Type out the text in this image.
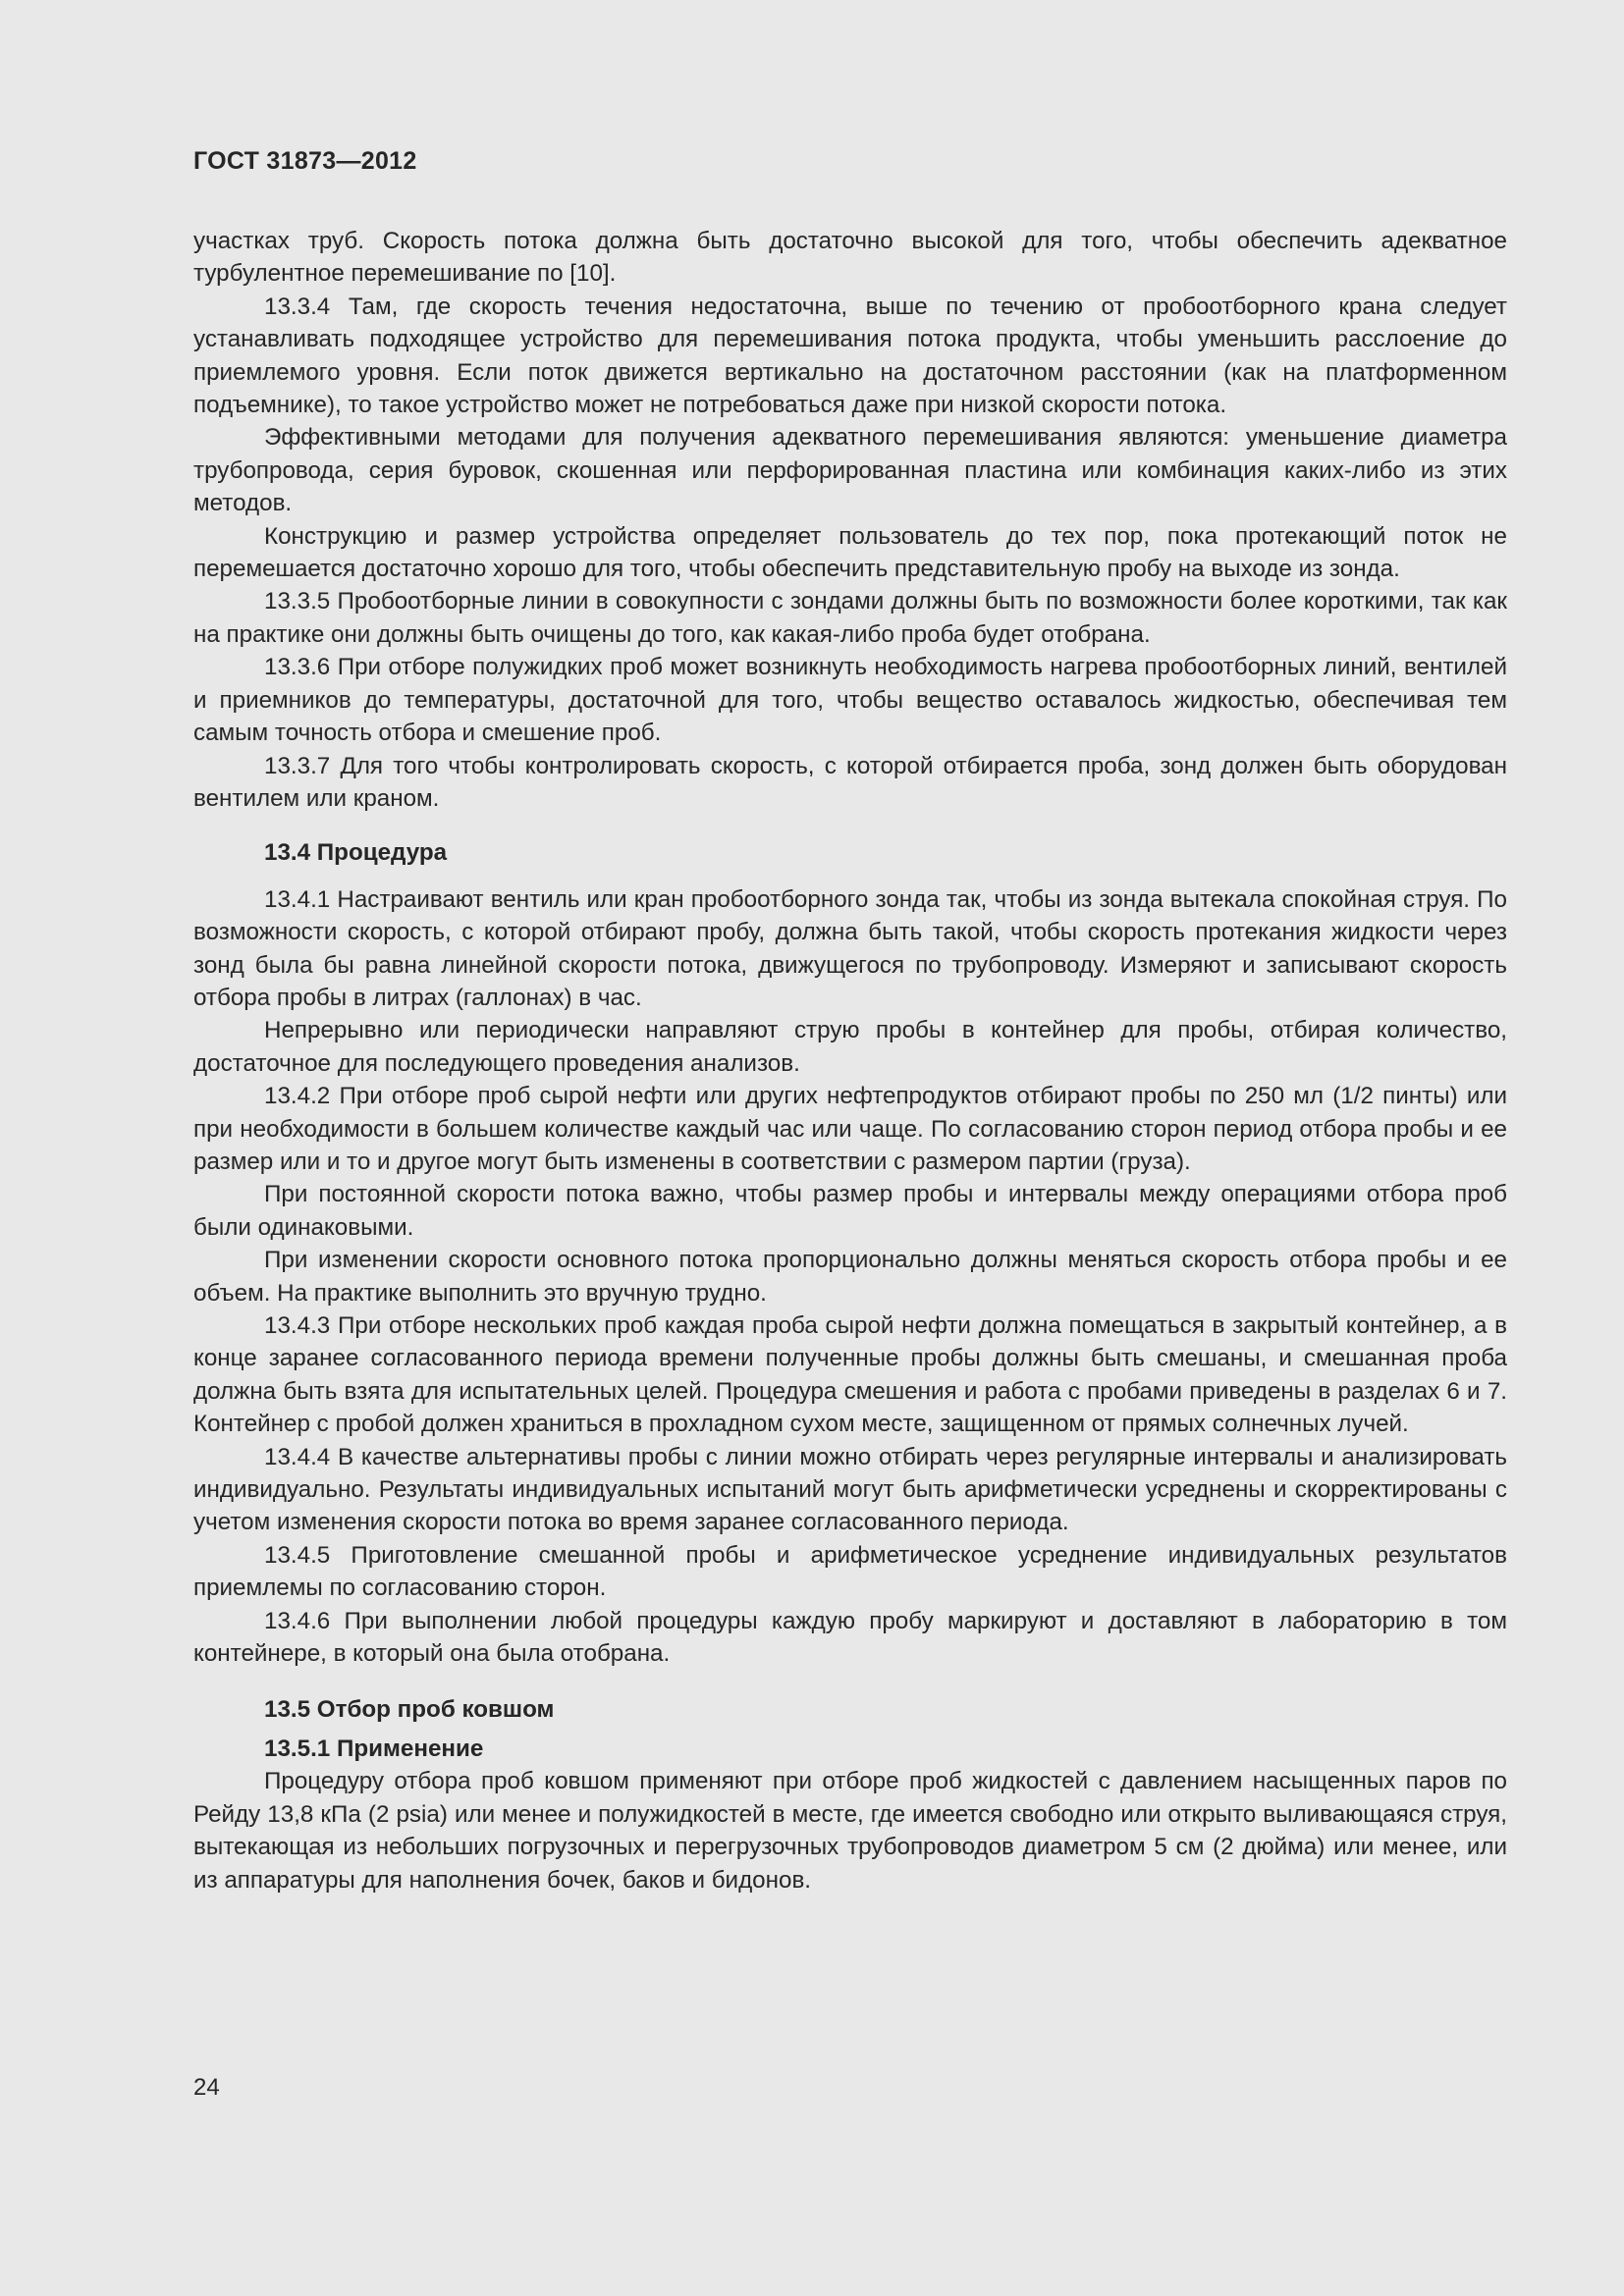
ГОСТ 31873—2012

участках труб. Скорость потока должна быть достаточно высокой для того, чтобы обеспечить адекватное турбулентное перемешивание по [10].

13.3.4 Там, где скорость течения недостаточна, выше по течению от пробоотборного крана следует устанавливать подходящее устройство для перемешивания потока продукта, чтобы уменьшить расслоение до приемлемого уровня. Если поток движется вертикально на достаточном расстоянии (как на платформенном подъемнике), то такое устройство может не потребоваться даже при низкой скорости потока.

Эффективными методами для получения адекватного перемешивания являются: уменьшение диаметра трубопровода, серия буровок, скошенная или перфорированная пластина или комбинация каких-либо из этих методов.

Конструкцию и размер устройства определяет пользователь до тех пор, пока протекающий поток не перемешается достаточно хорошо для того, чтобы обеспечить представительную пробу на выходе из зонда.

13.3.5 Пробоотборные линии в совокупности с зондами должны быть по возможности более короткими, так как на практике они должны быть очищены до того, как какая-либо проба будет отобрана.

13.3.6 При отборе полужидких проб может возникнуть необходимость нагрева пробоотборных линий, вентилей и приемников до температуры, достаточной для того, чтобы вещество оставалось жидкостью, обеспечивая тем самым точность отбора и смешение проб.

13.3.7 Для того чтобы контролировать скорость, с которой отбирается проба, зонд должен быть оборудован вентилем или краном.

13.4 Процедура

13.4.1 Настраивают вентиль или кран пробоотборного зонда так, чтобы из зонда вытекала спокойная струя. По возможности скорость, с которой отбирают пробу, должна быть такой, чтобы скорость протекания жидкости через зонд была бы равна линейной скорости потока, движущегося по трубопроводу. Измеряют и записывают скорость отбора пробы в литрах (галлонах) в час.

Непрерывно или периодически направляют струю пробы в контейнер для пробы, отбирая количество, достаточное для последующего проведения анализов.

13.4.2 При отборе проб сырой нефти или других нефтепродуктов отбирают пробы по 250 мл (1/2 пинты) или при необходимости в большем количестве каждый час или чаще. По согласованию сторон период отбора пробы и ее размер или и то и другое могут быть изменены в соответствии с размером партии (груза).

При постоянной скорости потока важно, чтобы размер пробы и интервалы между операциями отбора проб были одинаковыми.

При изменении скорости основного потока пропорционально должны меняться скорость отбора пробы и ее объем. На практике выполнить это вручную трудно.

13.4.3 При отборе нескольких проб каждая проба сырой нефти должна помещаться в закрытый контейнер, а в конце заранее согласованного периода времени полученные пробы должны быть смешаны, и смешанная проба должна быть взята для испытательных целей. Процедура смешения и работа с пробами приведены в разделах 6 и 7. Контейнер с пробой должен храниться в прохладном сухом месте, защищенном от прямых солнечных лучей.

13.4.4 В качестве альтернативы пробы с линии можно отбирать через регулярные интервалы и анализировать индивидуально. Результаты индивидуальных испытаний могут быть арифметически усреднены и скорректированы с учетом изменения скорости потока во время заранее согласованного периода.

13.4.5 Приготовление смешанной пробы и арифметическое усреднение индивидуальных результатов приемлемы по согласованию сторон.

13.4.6 При выполнении любой процедуры каждую пробу маркируют и доставляют в лабораторию в том контейнере, в который она была отобрана.

13.5 Отбор проб ковшом
13.5.1 Применение

Процедуру отбора проб ковшом применяют при отборе проб жидкостей с давлением насыщенных паров по Рейду 13,8 кПа (2 psia) или менее и полужидкостей в месте, где имеется свободно или открыто выливающаяся струя, вытекающая из небольших погрузочных и перегрузочных трубопроводов диаметром 5 см (2 дюйма) или менее, или из аппаратуры для наполнения бочек, баков и бидонов.

24
